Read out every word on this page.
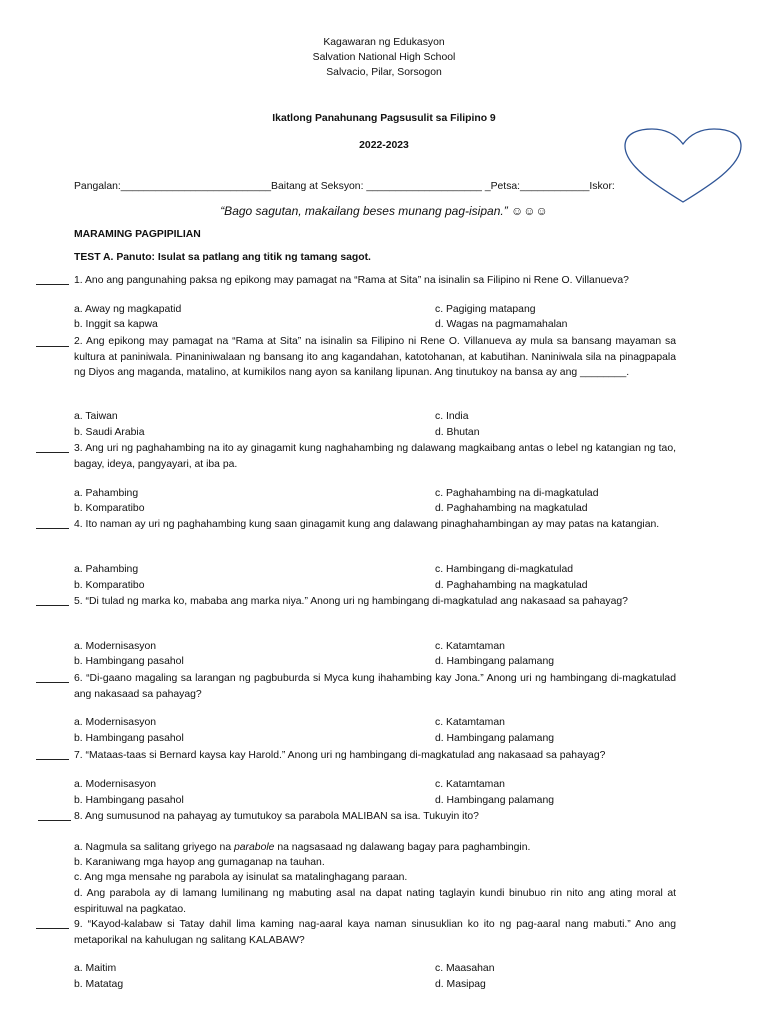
Kagawaran ng Edukasyon
Salvation National High School
Salvacio, Pilar, Sorsogon
Ikatlong Panahunang Pagsusulit sa Filipino 9
2022-2023
Pangalan:__________________________Baitang at Seksyon: ____________________ _Petsa:____________Iskor:
“Bago sagutan, makailang beses munang pag-isipan.” ☺☺☺
MARAMING PAGPIPILIAN
TEST A. Panuto: Isulat sa patlang ang titik ng tamang sagot.
1. Ano ang pangunahing paksa ng epikong may pamagat na “Rama at Sita” na isinalin sa Filipino ni Rene O. Villanueva?
a. Away ng magkapatid	c. Pagiging matapang
b. Inggit sa kapwa	d. Wagas na pagmamahalan
2. Ang epikong may pamagat na “Rama at Sita” na isinalin sa Filipino ni Rene O. Villanueva ay mula sa bansang mayaman sa kultura at paniniwala. Pinaniniwalaan ng bansang ito ang kagandahan, katotohanan, at kabutihan. Naniniwala sila na pinagpapala ng Diyos ang maganda, matalino, at kumikilos nang ayon sa kanilang lipunan. Ang tinutukoy na bansa ay ang ________.
a. Taiwan	c. India
b. Saudi Arabia	d. Bhutan
3. Ang uri ng paghahambing na ito ay ginagamit kung naghahambing ng dalawang magkaibang antas o lebel ng katangian ng tao, bagay, ideya, pangyayari, at iba pa.
a. Pahambing	c. Paghahambing na di-magkatulad
b. Komparatibo	d. Paghahambing na magkatulad
4. Ito naman ay uri ng paghahambing kung saan ginagamit kung ang dalawang pinaghahambingan ay may patas na katangian.
a. Pahambing	c. Hambingang di-magkatulad
b. Komparatibo	d. Paghahambing na magkatulad
5. “Di tulad ng marka ko, mababa ang marka niya.” Anong uri ng hambingang di-magkatulad ang nakasaad sa pahayag?
a. Modernisasyon	c. Katamtaman
b. Hambingang pasahol	d. Hambingang palamang
6. “Di-gaano magaling sa larangan ng pagbuburda si Myca kung ihahambing kay Jona.” Anong uri ng hambingang di-magkatulad ang nakasaad sa pahayag?
a. Modernisasyon	c. Katamtaman
b. Hambingang pasahol	d. Hambingang palamang
7. “Mataas-taas si Bernard kaysa kay Harold.” Anong uri ng hambingang di-magkatulad ang nakasaad sa pahayag?
a. Modernisasyon	c. Katamtaman
b. Hambingang pasahol	d. Hambingang palamang
8. Ang sumusunod na pahayag ay tumutukoy sa parabola MALIBAN sa isa. Tukuyin ito?
a. Nagmula sa salitang griyego na parabole na nagsasaad ng dalawang bagay para paghambingin.
b. Karaniwang mga hayop ang gumaganap na tauhan.
c. Ang mga mensahe ng parabola ay isinulat sa matalinghagang paraan.
d. Ang parabola ay di lamang lumilinang ng mabuting asal na dapat nating taglayin kundi binubuo rin nito ang ating moral at espirituwal na pagkatao.
9. “Kayod-kalabaw si Tatay dahil lima kaming nag-aaral kaya naman sinusuklian ko ito ng pag-aaral nang mabuti.” Ano ang metaporikal na kahulugan ng salitang KALABAW?
a. Maitim	c. Maasahan
b. Matatag	d. Masipag
